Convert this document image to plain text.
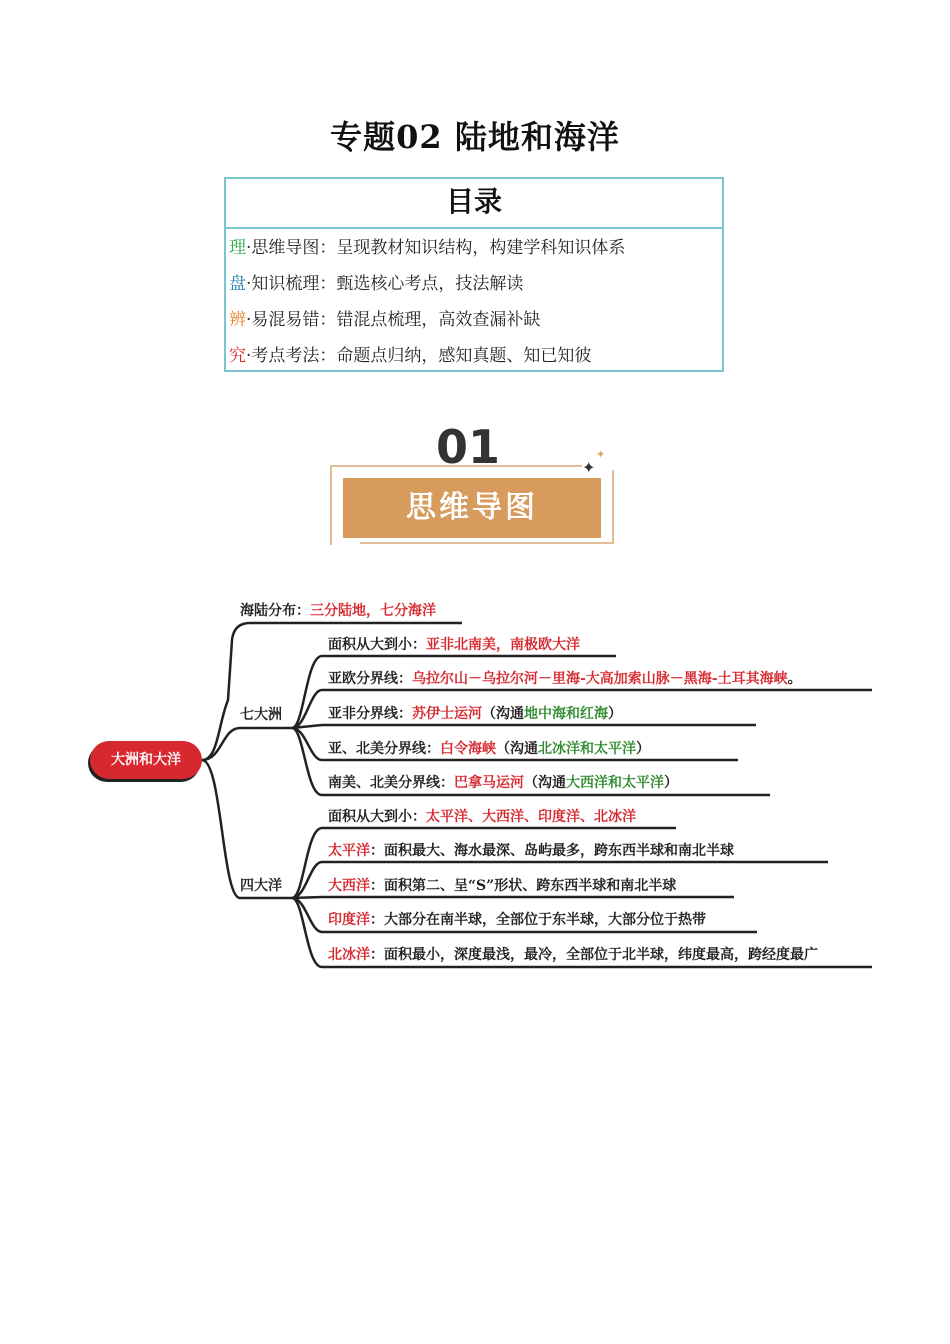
专题02 陆地和海洋
目录
理·思维导图：呈现教材知识结构，构建学科知识体系
盘·知识梳理：甄选核心考点，技法解读
辨·易混易错：错混点梳理，高效查漏补缺
究·考点考法：命题点归纳，感知真题、知已知彼
01
思维导图
✦
✦
大洲和大洋
海陆分布：三分陆地，七分海洋
七大洲
四大洋
面积从大到小：亚非北南美，南极欧大洋
亚欧分界线：乌拉尔山－乌拉尔河－里海-大高加索山脉－黑海-土耳其海峡。
亚非分界线：苏伊士运河（沟通地中海和红海）
亚、北美分界线：白令海峡（沟通北冰洋和太平洋）
南美、北美分界线：巴拿马运河（沟通大西洋和太平洋）
面积从大到小：太平洋、大西洋、印度洋、北冰洋
太平洋：面积最大、海水最深、岛屿最多，跨东西半球和南北半球
大西洋：面积第二、呈“S”形状、跨东西半球和南北半球
印度洋：大部分在南半球，全部位于东半球，大部分位于热带
北冰洋：面积最小，深度最浅，最冷，全部位于北半球，纬度最高，跨经度最广
